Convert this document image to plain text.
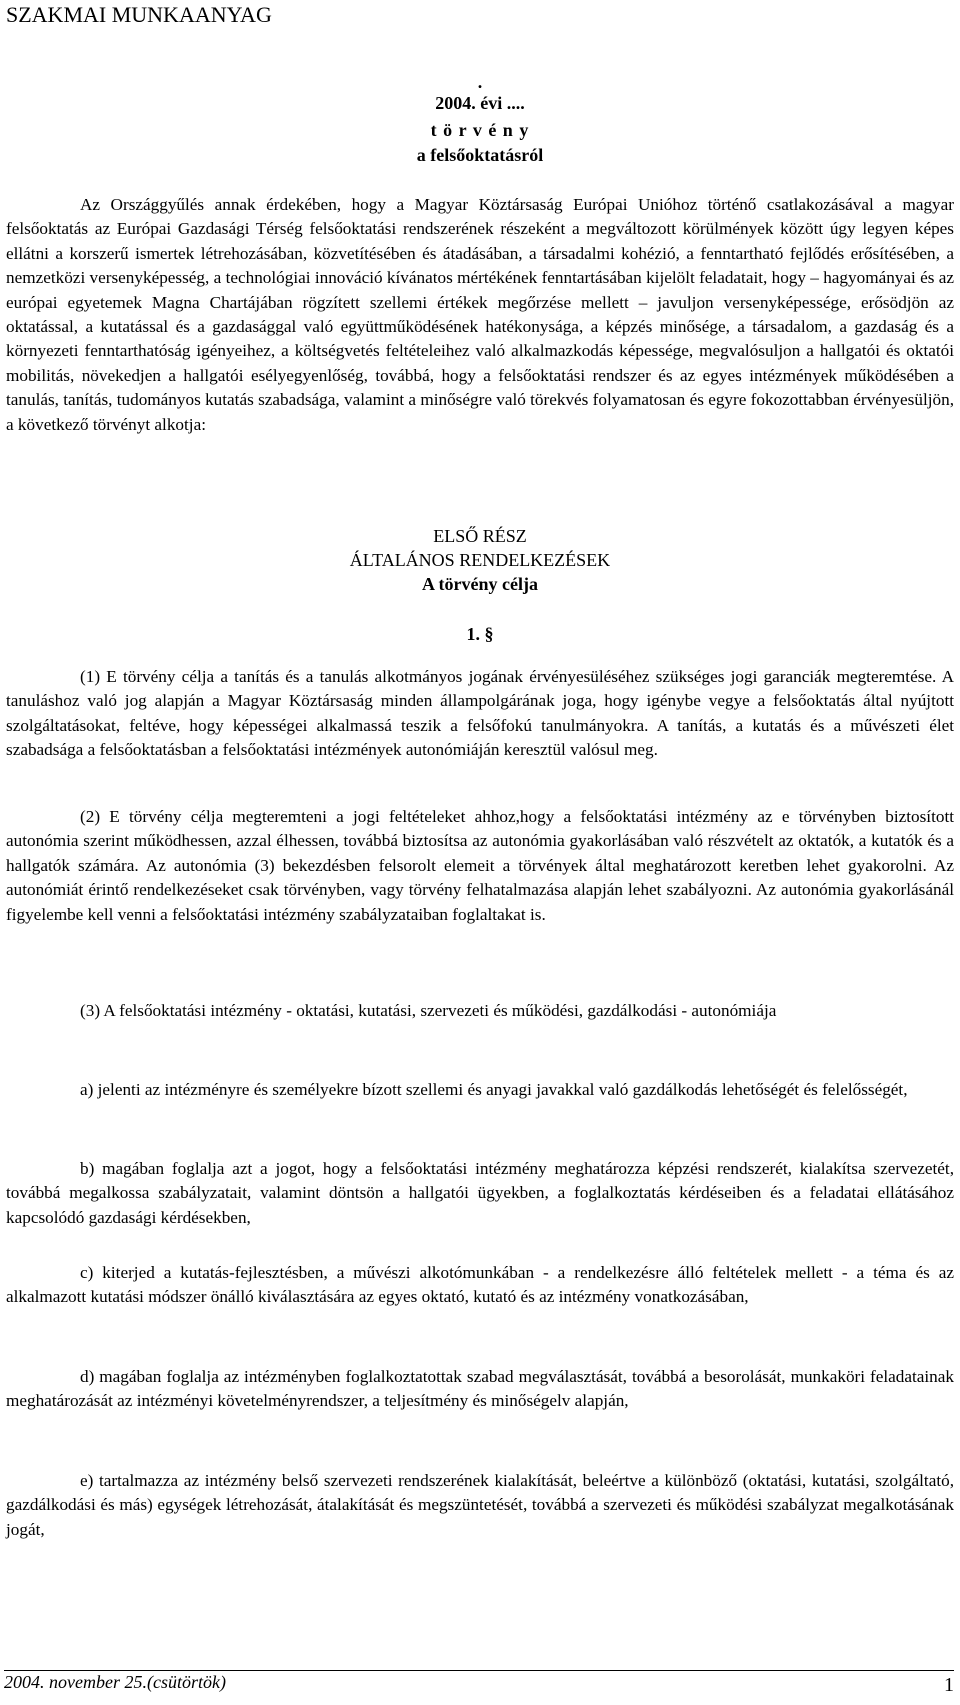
SZAKMAI MUNKAANYAG
.
2004. évi ....
t ö r v é n y
a felsőoktatásról

Az Országgyűlés annak érdekében, hogy a Magyar Köztársaság Európai Unióhoz történő csatlakozásával a magyar felsőoktatás az Európai Gazdasági Térség felsőoktatási rendszerének részeként a megváltozott körülmények között úgy legyen képes ellátni a korszerű ismertek létrehozásában, közvetítésében és átadásában, a társadalmi kohézió, a fenntartható fejlődés erősítésében, a nemzetközi versenyképesség, a technológiai innováció kívánatos mértékének fenntartásában kijelölt feladatait, hogy – hagyományai és az európai egyetemek Magna Chartájában rögzített szellemi értékek megőrzése mellett – javuljon versenyképessége, erősödjön az oktatással, a kutatással és a gazdasággal való együttműködésének hatékonysága, a képzés minősége, a társadalom, a gazdaság és a környezeti fenntarthatóság igényeihez, a költségvetés feltételeihez való alkalmazkodás képessége, megvalósuljon a hallgatói és oktatói mobilitás, növekedjen a hallgatói esélyegyenlőség, továbbá, hogy a felsőoktatási rendszer és az egyes intézmények működésében a tanulás, tanítás, tudományos kutatás szabadsága, valamint a minőségre való törekvés folyamatosan és egyre fokozottabban érvényesüljön, a következő törvényt alkotja:

ELSŐ RÉSZ
ÁLTALÁNOS RENDELKEZÉSEK
A törvény célja
1. §

(1) E törvény célja a tanítás és a tanulás alkotmányos jogának érvényesüléséhez szükséges jogi garanciák megteremtése. A tanuláshoz való jog alapján a Magyar Köztársaság minden állampolgárának joga, hogy igénybe vegye a felsőoktatás által nyújtott szolgáltatásokat, feltéve, hogy képességei alkalmassá teszik a felsőfokú tanulmányokra. A tanítás, a kutatás és a művészeti élet szabadsága a felsőoktatásban a felsőoktatási intézmények autonómiáján keresztül valósul meg.

(2) E törvény célja megteremteni a jogi feltételeket ahhoz,hogy a felsőoktatási intézmény az e törvényben biztosított autonómia szerint működhessen, azzal élhessen, továbbá biztosítsa az autonómia gyakorlásában való részvételt az oktatók, a kutatók és a hallgatók számára. Az autonómia (3) bekezdésben felsorolt elemeit a törvények által meghatározott keretben lehet gyakorolni. Az autonómiát érintő rendelkezéseket csak törvényben, vagy törvény felhatalmazása alapján lehet szabályozni. Az autonómia gyakorlásánál figyelembe kell venni a felsőoktatási intézmény szabályzataiban foglaltakat is.

(3) A felsőoktatási intézmény - oktatási, kutatási, szervezeti és működési, gazdálkodási - autonómiája

a) jelenti az intézményre és személyekre bízott szellemi és anyagi javakkal való gazdálkodás lehetőségét és felelősségét,

b) magában foglalja azt a jogot, hogy a felsőoktatási intézmény meghatározza képzési rendszerét, kialakítsa szervezetét, továbbá megalkossa szabályzatait, valamint döntsön a hallgatói ügyekben, a foglalkoztatás kérdéseiben és a feladatai ellátásához kapcsolódó gazdasági kérdésekben,

c) kiterjed a kutatás-fejlesztésben, a művészi alkotómunkában - a rendelkezésre álló feltételek mellett - a téma és az alkalmazott kutatási módszer önálló kiválasztására az egyes oktató, kutató és az intézmény vonatkozásában,

d) magában foglalja az intézményben foglalkoztatottak szabad megválasztását, továbbá a besorolását, munkaköri feladatainak meghatározását az intézményi követelményrendszer, a teljesítmény és minőségelv alapján,

e) tartalmazza az intézmény belső szervezeti rendszerének kialakítását, beleértve a különböző (oktatási, kutatási, szolgáltató, gazdálkodási és más) egységek létrehozását, átalakítását és megszüntetését, továbbá a szervezeti és működési szabályzat megalkotásának jogát,

2004. november 25.(csütörtök)	1
